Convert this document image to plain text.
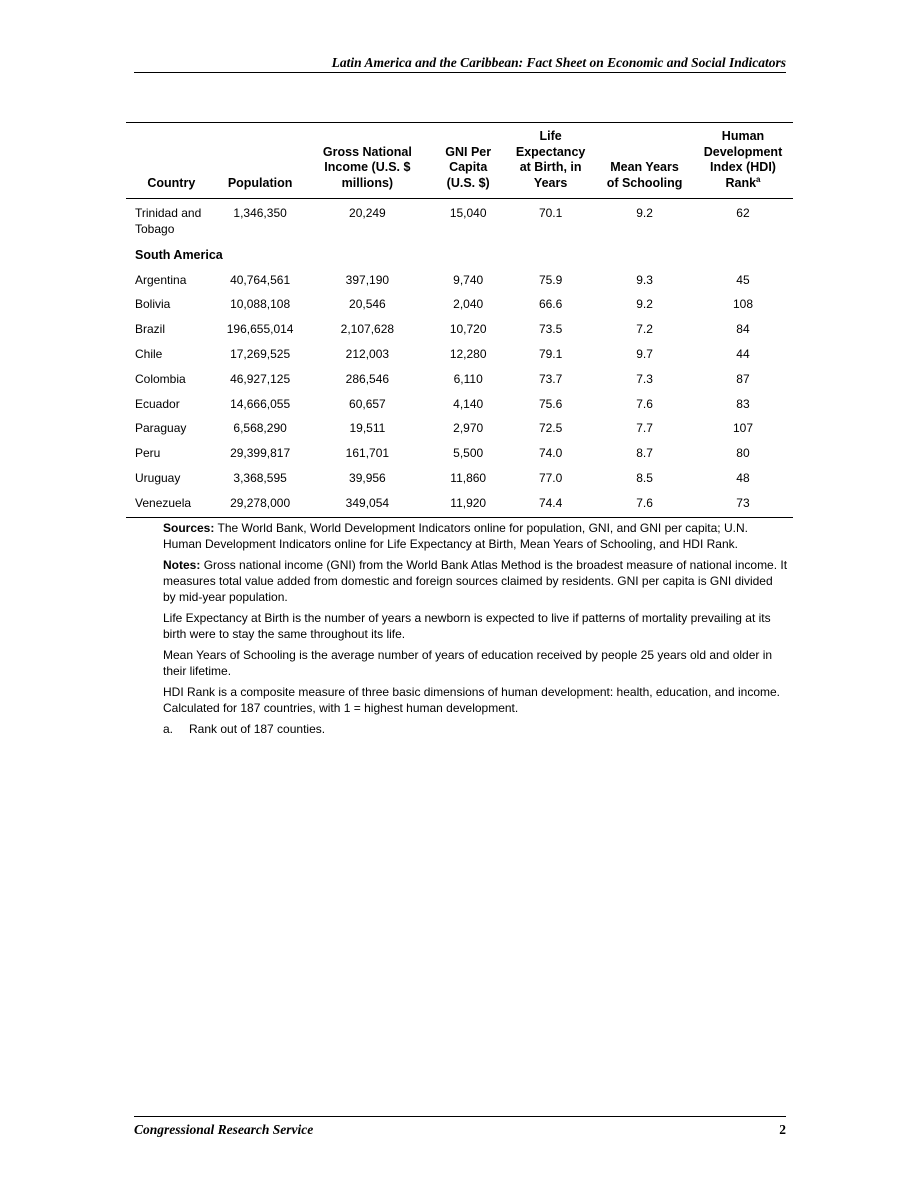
Latin America and the Caribbean: Fact Sheet on Economic and Social Indicators
Country	Population	Gross National Income (U.S. $ millions)	GNI Per Capita (U.S. $)	Life Expectancy at Birth, in Years	Mean Years of Schooling	Human Development Index (HDI) Rank$^a$

Trinidad and Tobago	1,346,350	20,249	15,040	70.1	9.2	62
South America						
Argentina	40,764,561	397,190	9,740	75.9	9.3	45
Bolivia	10,088,108	20,546	2,040	66.6	9.2	108
Brazil	196,655,014	2,107,628	10,720	73.5	7.2	84
Chile	17,269,525	212,003	12,280	79.1	9.7	44
Colombia	46,927,125	286,546	6,110	73.7	7.3	87
Ecuador	14,666,055	60,657	4,140	75.6	7.6	83
Paraguay	6,568,290	19,511	2,970	72.5	7.7	107
Peru	29,399,817	161,701	5,500	74.0	8.7	80
Uruguay	3,368,595	39,956	11,860	77.0	8.5	48
Venezuela	29,278,000	349,054	11,920	74.4	7.6	73

Sources: The World Bank, World Development Indicators online for population, GNI, and GNI per capita; U.N. Human Development Indicators online for Life Expectancy at Birth, Mean Years of Schooling, and HDI Rank.

Notes: Gross national income (GNI) from the World Bank Atlas Method is the broadest measure of national income. It measures total value added from domestic and foreign sources claimed by residents. GNI per capita is GNI divided by mid-year population.

Life Expectancy at Birth is the number of years a newborn is expected to live if patterns of mortality prevailing at its birth were to stay the same throughout its life.

Mean Years of Schooling is the average number of years of education received by people 25 years old and older in their lifetime.

HDI Rank is a composite measure of three basic dimensions of human development: health, education, and income. Calculated for 187 countries, with 1 = highest human development.

a.	Rank out of 187 counties.
Congressional Research Service	2
